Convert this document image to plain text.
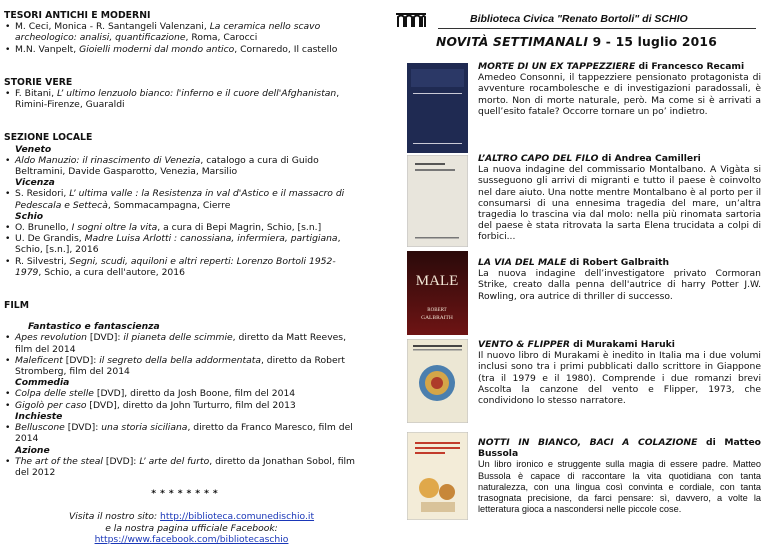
TESORI ANTICHI E MODERNI
• M. Ceci, Monica - R. Santangeli Valenzani, La ceramica nello scavo archeologico: analisi, quantificazione, Roma, Carocci
• M.N. Vanpelt, Gioielli moderni dal mondo antico, Cornaredo, Il castello
STORIE VERE
• F. Bitani, L’ ultimo lenzuolo bianco: l'inferno e il cuore dell'Afghanistan, Rimini-Firenze, Guaraldi
SEZIONE LOCALE
Veneto
• Aldo Manuzio: il rinascimento di Venezia, catalogo a cura di Guido Beltramini, Davide Gasparotto, Venezia, Marsilio
Vicenza
• S. Residori, L’ ultima valle : la Resistenza in val d'Astico e il massacro di Pedescala e Settecà, Sommacampagna, Cierre
Schio
• O. Brunello, I sogni oltre la vita, a cura di Bepi Magrin, Schio, [s.n.]
• U. De Grandis, Madre Luisa Arlotti : canossiana, infermiera, partigiana, Schio, [s.n.], 2016
• R. Silvestri, Segni, scudi, aquiloni e altri reperti: Lorenzo Bortoli 1952-1979, Schio, a cura dell'autore, 2016
FILM
Fantastico e fantascienza
• Apes revolution [DVD]: il pianeta delle scimmie, diretto da Matt Reeves, film del 2014
• Maleficent [DVD]: il segreto della bella addormentata, diretto da Robert Stromberg, film del 2014
Commedia
• Colpa delle stelle [DVD], diretto da Josh Boone, film del 2014
• Gigolò per caso [DVD], diretto da John Turturro, film del 2013
Inchieste
• Belluscone [DVD]: una storia siciliana, diretto da Franco Maresco, film del 2014
Azione
• The art of the steal [DVD]: L’ arte del furto, diretto da Jonathan Sobol, film del 2012
********
Visita il nostro sito: http://biblioteca.comunedischio.it
e la nostra pagina ufficiale Facebook:
https://www.facebook.com/bibliotecaschio
Biblioteca Civica "Renato Bortoli" di SCHIO
NOVITÀ SETTIMANALI 9 - 15 luglio 2016
MORTE DI UN EX TAPPEZZIERE di Francesco Recami
Amedeo Consonni, il tappezziere pensionato protagonista di avventure rocambolesche e di investigazioni paradossali, è morto. Non di morte naturale, però. Ma come si è arrivati a quell’esito fatale? Occorre tornare un po’ indietro.
L’ALTRO CAPO DEL FILO di Andrea Camilleri
La nuova indagine del commissario Montalbano. A Vigàta si susseguono gli arrivi di migranti e tutto il paese è coinvolto nel dare aiuto. Una notte mentre Montalbano è al porto per il consumarsi di una ennesima tragedia del mare, un’altra tragedia lo trascina via dal molo: nella più rinomata sartoria del paese è stata ritrovata la sarta Elena trucidata a colpi di forbici...
MALE
ROBERT
GALBRAITH
LA VIA DEL MALE di Robert Galbraith
La nuova indagine dell’investigatore privato Cormoran Strike, creato dalla penna dell'autrice di harry Potter J.W. Rowling, ora autrice di thriller di successo.
VENTO & FLIPPER di Murakami Haruki
Il nuovo libro di Murakami è inedito in Italia ma i due volumi inclusi sono tra i primi pubblicati dallo scrittore in Giappone (tra il 1979 e il 1980). Comprende i due romanzi brevi Ascolta la canzone del vento e Flipper, 1973, che condividono lo stesso narratore.
NOTTI IN BIANCO, BACI A COLAZIONE di Matteo Bussola
Un libro ironico e struggente sulla magia di essere padre. Matteo Bussola è capace di raccontare la vita quotidiana con tanta naturalezza, con una lingua così convinta e cordiale, con tanta trasognata precisione, da farci pensare: sì, davvero, a volte la letteratura gioca a nascondersi nelle piccole cose.
